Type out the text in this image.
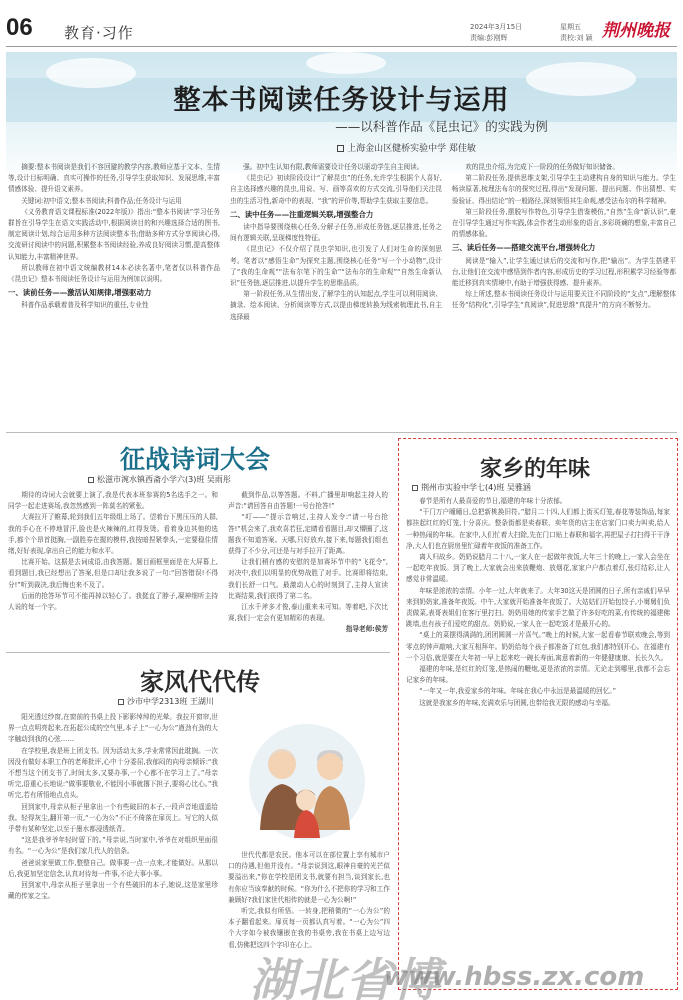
06 教育·习作	2024年3月15日
责编:彭刚辉
星期五
责校:刘 颖 荆州晚报
整本书阅读任务设计与运用
——以科普作品《昆虫记》的实践为例
上海金山区健桥实验中学 郑佳敏

摘要:整本书阅读是我们不容回避的教学内容,教师应基于文本、生情等,设计目标明确、真实可操作的任务,引导学生获取知识、发展思维,丰富情感体验、提升语文素养。

关键词:初中语文;整本书阅读;科普作品;任务设计与运用

《义务教育语文课程标准(2022年版)》指出:“整本书阅读”学习任务群旨在引导学生在语文实践活动中,根据阅读目的和兴趣选择合适的图书,制定阅读计划,综合运用多种方法阅读整本书;借助多种方式分享阅读心得,交流研讨阅读中的问题,积累整本书阅读经验,养成良好阅读习惯,提高整体认知能力,丰富精神世界。

所以教师在初中语文统编教材14本必读名著中,笔者仅以科普作品《昆虫记》整本书阅读任务设计与运用为例加以说明。

一、读前任务——激活认知规律,增强驱动力

科普作品承载着普及科学知识的重任,专业性

强。初中生认知有限,教师需要设计任务以驱动学生自主阅读。

《昆虫记》初读阶段设计“了解昆虫”的任务,允许学生根据个人喜好,自主选择感兴趣的昆虫,用说、写、画等喜欢的方式交流,引导他们关注昆虫的生活习性,新奇中的表现、“我”的评价等,帮助学生获取主要信息。

二、读中任务——注重逻辑关联,增强整合力

读中指导要围绕核心任务,分解子任务,形成任务链,逐层推进,任务之间有逻辑关联,呈现梯度性特征。

《昆虫记》不仅介绍了昆虫学知识,也引发了人们对生命的深刻思考。笔者以“感悟生命”为探究主题,围绕核心任务“写一个小动物”,设计了“我的生命观”“法布尔笔下的生命”“法布尔的生命观”“自然生命新认识”任务链,逐层推进,以提升学生的思维品质。

第一阶段任务,从生情出发,了解学生的认知起点,学生可以利用阅读、摘录、绘本阅读、分析阅读等方式,以提由梯度转换为线索梳理此书,自主选择最

欢的昆虫介绍,为完成下一阶段的任务做好知识储备。

第二阶段任务,提供思维支架,引导学生主动建构自身的知识与能力。学生畅读原著,梳理法布尔的探究过程,得出“发现问题、提出问题、作出猜想、实验验证、得出结论”的一般路径,深刻领悟其生命观,感受法布尔的科学精神。

第三阶段任务,摆脱写作特色,引导学生借鉴模仿,“自然”生命“新认识”,豪在引导学生通过写作实践,体会作者生动形象的语言,多彩斑斓的想象,丰富自己的情感体验。

三、读后任务——搭建交流平台,增强转化力

阅读是“输入”,让学生通过读后的交流和写作,把“输出”。为学生搭建平台,让他们在交流中感悟到作者内容,形成历史的学习过程,形积累学习经验等都能迁移到真实情境中,有助于增强获得感、提升素养。

综上所述,整本书阅读任务设计与运用要关注不同阶段的“支点”,理解整体任务“结构化”,引导学生“真阅读”,促进思维“真提升”的方向不断努力。

征战诗词大会
松滋市涴水镇西斋小学六(3)班 吴雨彤

期待的诗词大会就要上演了,我是代表本班参赛的5名选手之一。和同学一起走进赛场,我忽然感到一阵莫名的紧张。

大赛拉开了帷幕,轮到我们五年级组上场了。望着台下黑压压的人群,我的手心在不停地冒汗,脸也是火辣辣的,红得发烫。看着身边其他的选手,都个个昂首挺胸,一副胜券在握的模样,我按暗捏紧拳头,一定要稳住情绪,好好表现,拿出自己的能力和水平。

比赛开始。这据是去词成语,由我答题。题目画框里面是在大屏幕上,看到题目,我已经想出了答案,但是口却让我多说了一句:“回答错误!不得分!”听到裁决,我后悔也来不及了。

后面的抢答环节可不能再掉以轻心了。我挺直了脖子,凝神细听主持人说的每一个字。

截到作品,以等答题。不料,广播里却响起主持人的声音:“请回答自由答题!一号台抢答!”

“叮——”提示音响过,主持人发令:“请一号台抢答!”机会来了,我欢喜若狂,定睛看看题目,却又懵圈了,这题我不知道答案。天哪,只好放弃,接下来,每题我们组也获得了不少分,可还是与对手拉开了距离。

让我们稍有感的安慰的是加赛环节中的“飞花令”,对决中,我们以明显的优势战胜了对手。比赛即将结束,我们长舒一口气。最激动人心的时刻到了,主持人宣读比赛结果,我们获得了第二名。

江水千斧多才俊,泰山重来未可知。等着吧,下次比赛,我们一定会有更加精彩的表现。

指导老师:侯芳

家风代代传
沙市中学2313班 王湖川

阳光透过纱窗,在窗前的书桌上投下影影绰绰的光晕。我拉开窗帘,世界一点点明亮起来,在拓起公成的空气里,本子上“一心为公”遒劲有劲的大字触动到我的心弦……

在学校里,我是班上团支书。因为活动太多,学业常常因此耽搁。一次因没有做好本职工作的老师批评,心中十分委屈,我郁闷的向母亲倾诉:“我不想当这个团支书了,时间太多,又要办事,一个心都不在学习上了。”母亲听完,语重心长地说:“做事要敬业,不能因小事就撂下担子,要将心比心。”我听完,若有所悟地点点头。

回到家中,母亲从柜子里拿出一个有些破旧的本子,一段声音地遥遥给我。轻得灰尘,翻开第一页,“一心为公”不正不倚落在扉页上。写它的人似乎带有某种坚定,以至于墨水都浸透纸背。

“这是我爷爷年轻时留下的。”母亲说,当时家中,爷爷在对组织里面很有名。“一心为公”是我们家几代人的信条。

爸爸说家里做工作,整整自己。做事要一点一点来,才能做好。从那以后,我更加坚定信念,认真对待每一件事,不论大事小事。

回到家中,母亲从柜子里拿出一个有些破旧的本子,她说,这是家里珍藏的传家之宝。

世代代都是农民。他本可以在部位置上享有城市户口的待遇,但他并没有。“母亲说到这,眼神自豪的光芒似要溢出来,”你在学校是团支书,就要有担当,谈到家长,也有你应当该奉献的时候。“你为什么不把你的学习和工作兼顾好?我们家世代相传的就是一心为公啊!”

听完,我似有所悟。一转身,把稍微的“一心为公”的本子翻看起来。扉页每一页都认真写着。“一心为公”四个大字如今被我镶嵌在我的书桌旁,我在书桌上边写边看,仿佛把这四个字印在心上。

家乡的年味
荆州市实验中学七(4)班 吴雅涵

春节是所有人最喜爱的节日,福建的年味十分浓郁。

“干门万户曈曈日,总把新桃换旧符。”腊月二十四,人们都上街买灯笼,春花等装饰品,每家都挂起红红的灯笼,十分喜庆。整条街都是卖春联、卖年货的店主在店家门口卖力叫卖,给人一种热闹的年味。在家中,人们忙着大扫除,先在门口贴上春联和福字,再把屋子打扫得干干净净,大人们也在厨房里忙碌着年夜饭的准备工作。

离人归故乡。奶奶说腊月二十八,一家人在一起做年夜饭,大年三十的晚上,一家人会坐在一起吃年夜饭。到了晚上,大家就会出来放鞭炮、放烟花,家家户户都点着灯,张灯结彩,让人感觉非常温暖。

年味是浓浓的亲情。小年一过,大年就来了。大年30这天是团圆的日子,所有亲戚们早早来到奶奶家,准备年夜饭。中午,大家就开始准备年夜饭了。大姑姑们开始包饺子,小舅舅们负责做菜,表哥表姐们在客厅里打扫。奶奶用她的传家手艺做了许多好吃的菜,有传统的福建佛跳墙,也有孩子们爱吃的甜点。奶奶说,一家人在一起吃饭才是最开心的。

“桌上的菜摆得满满的,团团圆圆一片喜气。”晚上的时候,大家一起看春节联欢晚会,等到零点的钟声敲响,大家互相拜年。奶奶给每个孩子都准备了红包,我们都特别开心。在福建有一个习俗,就是要在大年初一早上起来吃一碗长寿面,寓意着新的一年健健康康、长长久久。

福建的年味,是红红的灯笼,是热闹的鞭炮,更是浓浓的亲情。无论走到哪里,我都不会忘记家乡的年味。

“一年又一年,我爱家乡的年味。年味在我心中永远是最温暖的回忆。”

这就是我家乡的年味,充满欢乐与团圆,也带给我无限的感动与幸福。

湖北省博
www.hbss.zx.com
